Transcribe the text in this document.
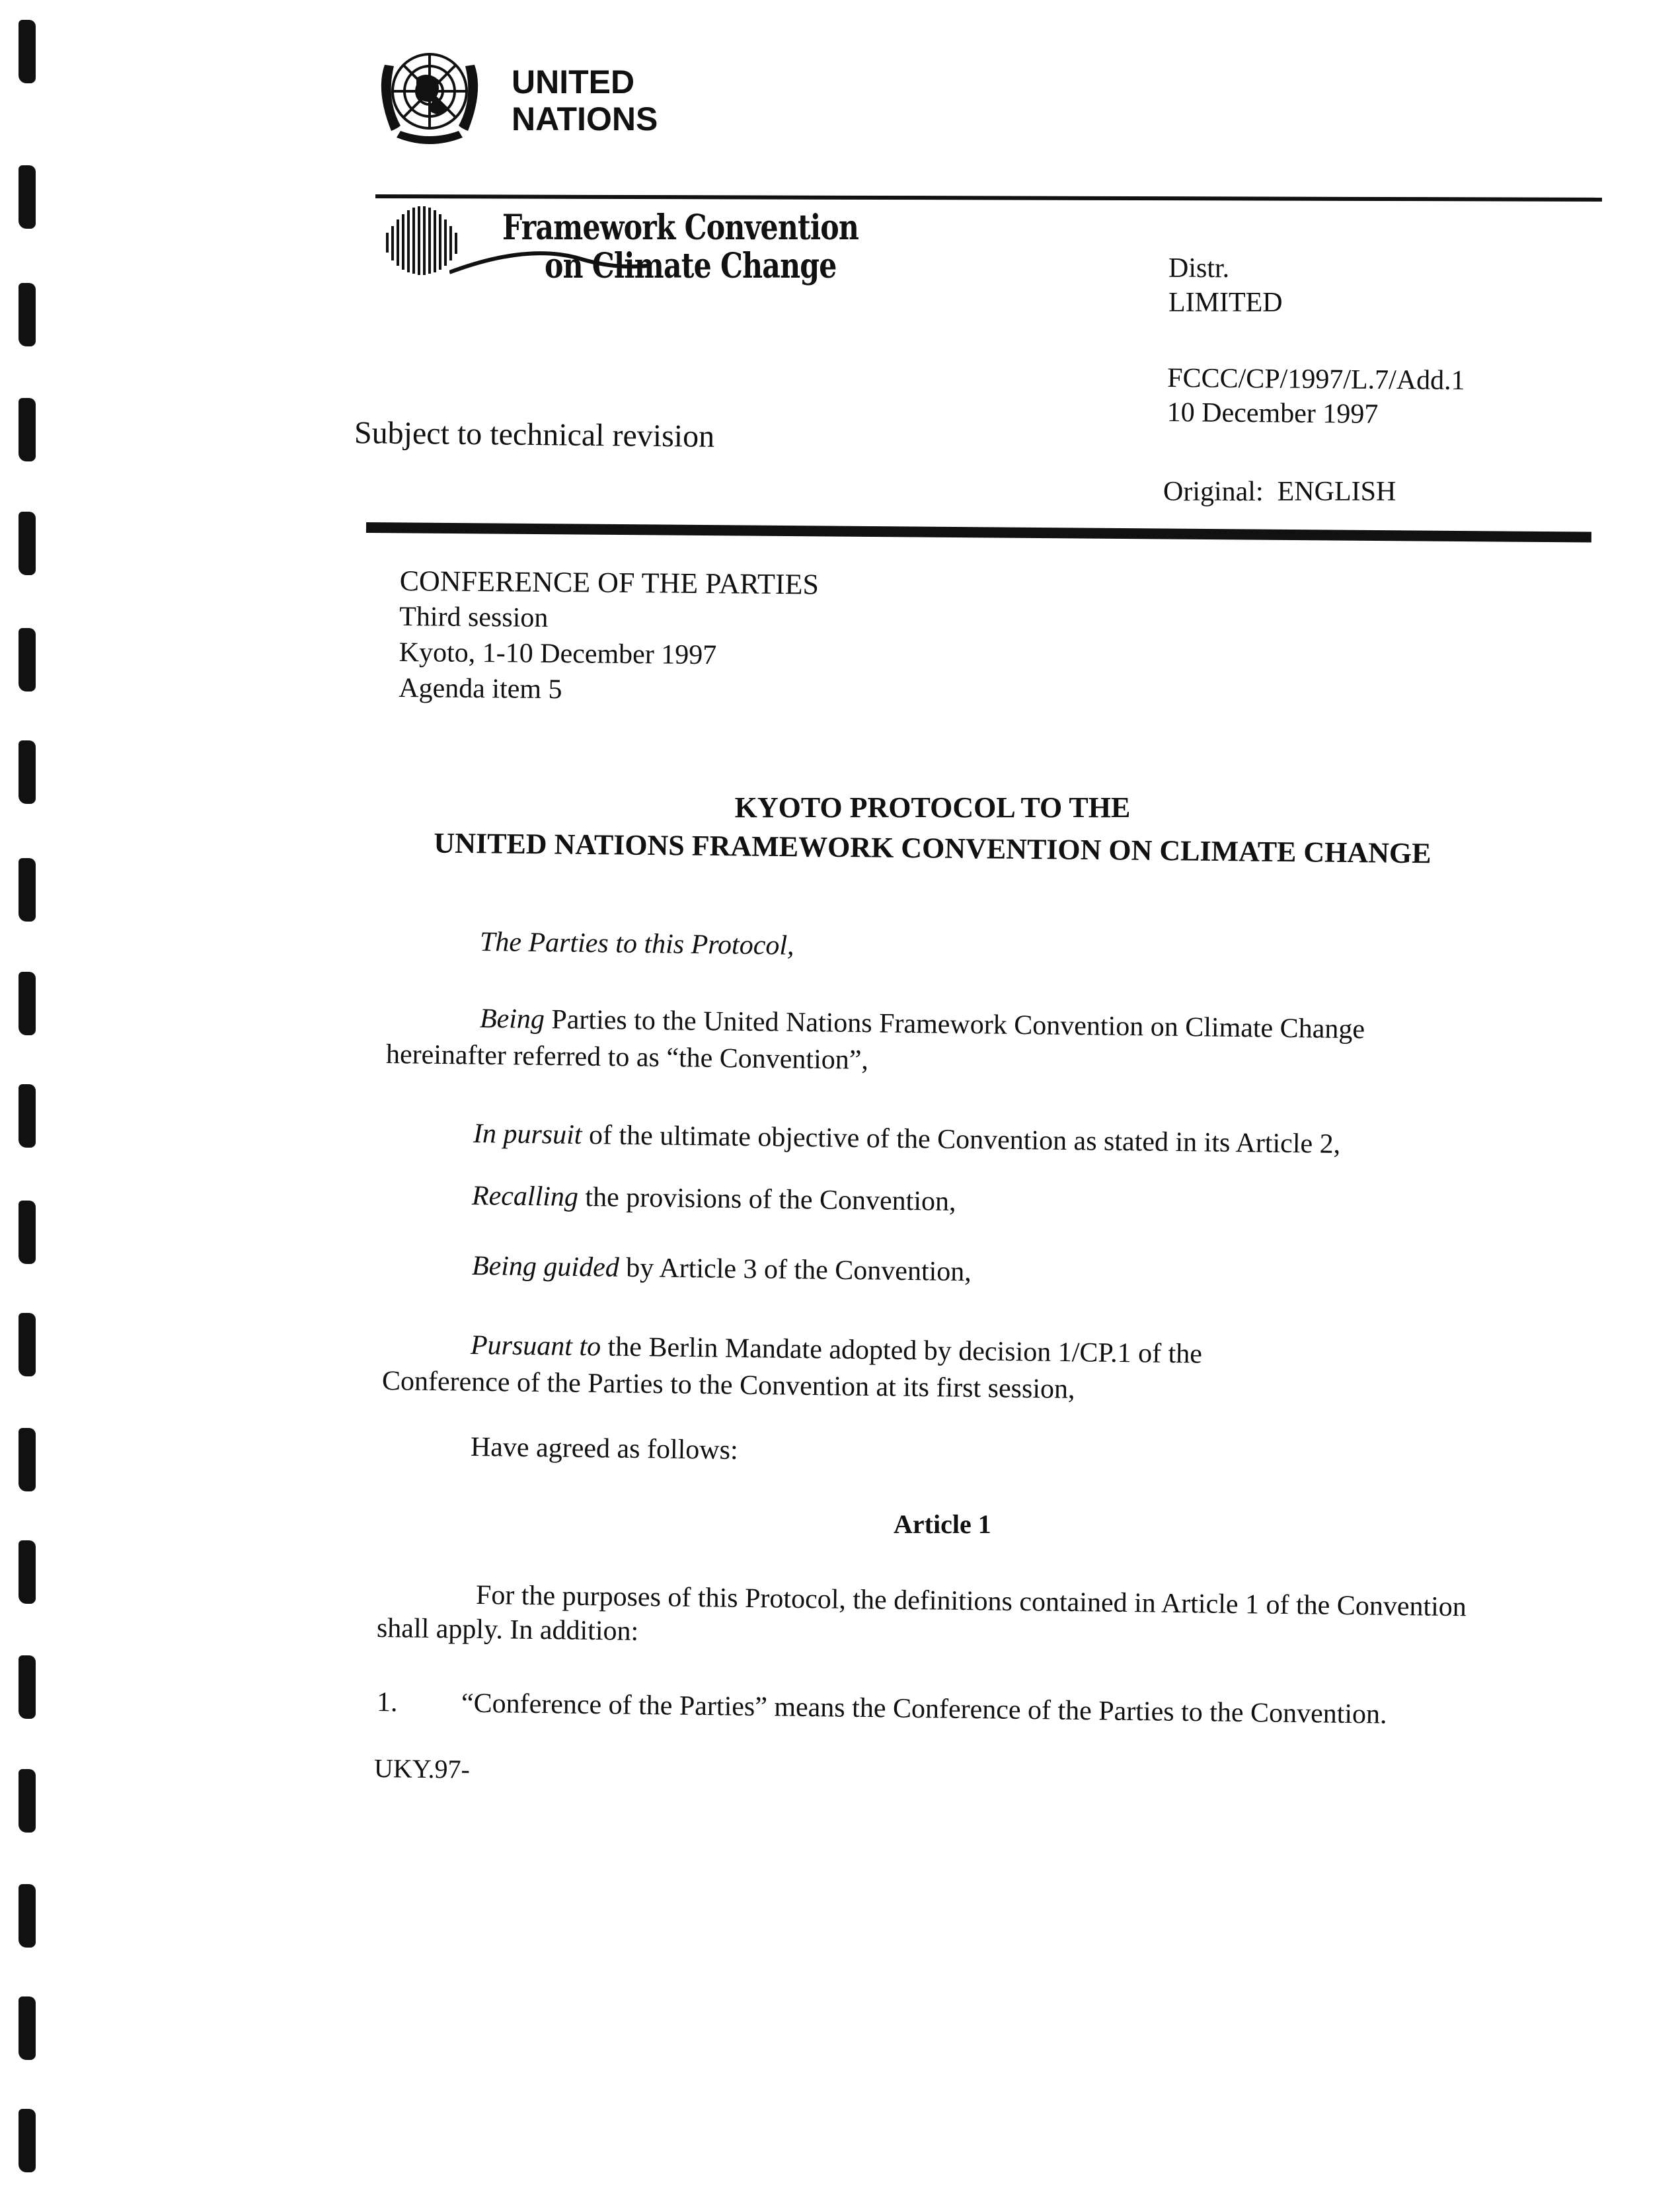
UNITED
NATIONS
Framework Convention
on Climate Change	Distr.
LIMITED
FCCC/CP/1997/L.7/Add.1
10 December 1997
Original: ENGLISH
Subject to technical revision
CONFERENCE OF THE PARTIES
Third session
Kyoto, 1-10 December 1997
Agenda item 5
KYOTO PROTOCOL TO THE
UNITED NATIONS FRAMEWORK CONVENTION ON CLIMATE CHANGE
The Parties to this Protocol,
Being Parties to the United Nations Framework Convention on Climate Change
hereinafter referred to as “the Convention”,
In pursuit of the ultimate objective of the Convention as stated in its Article 2,
Recalling the provisions of the Convention,
Being guided by Article 3 of the Convention,
Pursuant to the Berlin Mandate adopted by decision 1/CP.1 of the
Conference of the Parties to the Convention at its first session,
Have agreed as follows:
Article 1
For the purposes of this Protocol, the definitions contained in Article 1 of the Convention
shall apply. In addition:
1. “Conference of the Parties” means the Conference of the Parties to the Convention.
UKY.97-
